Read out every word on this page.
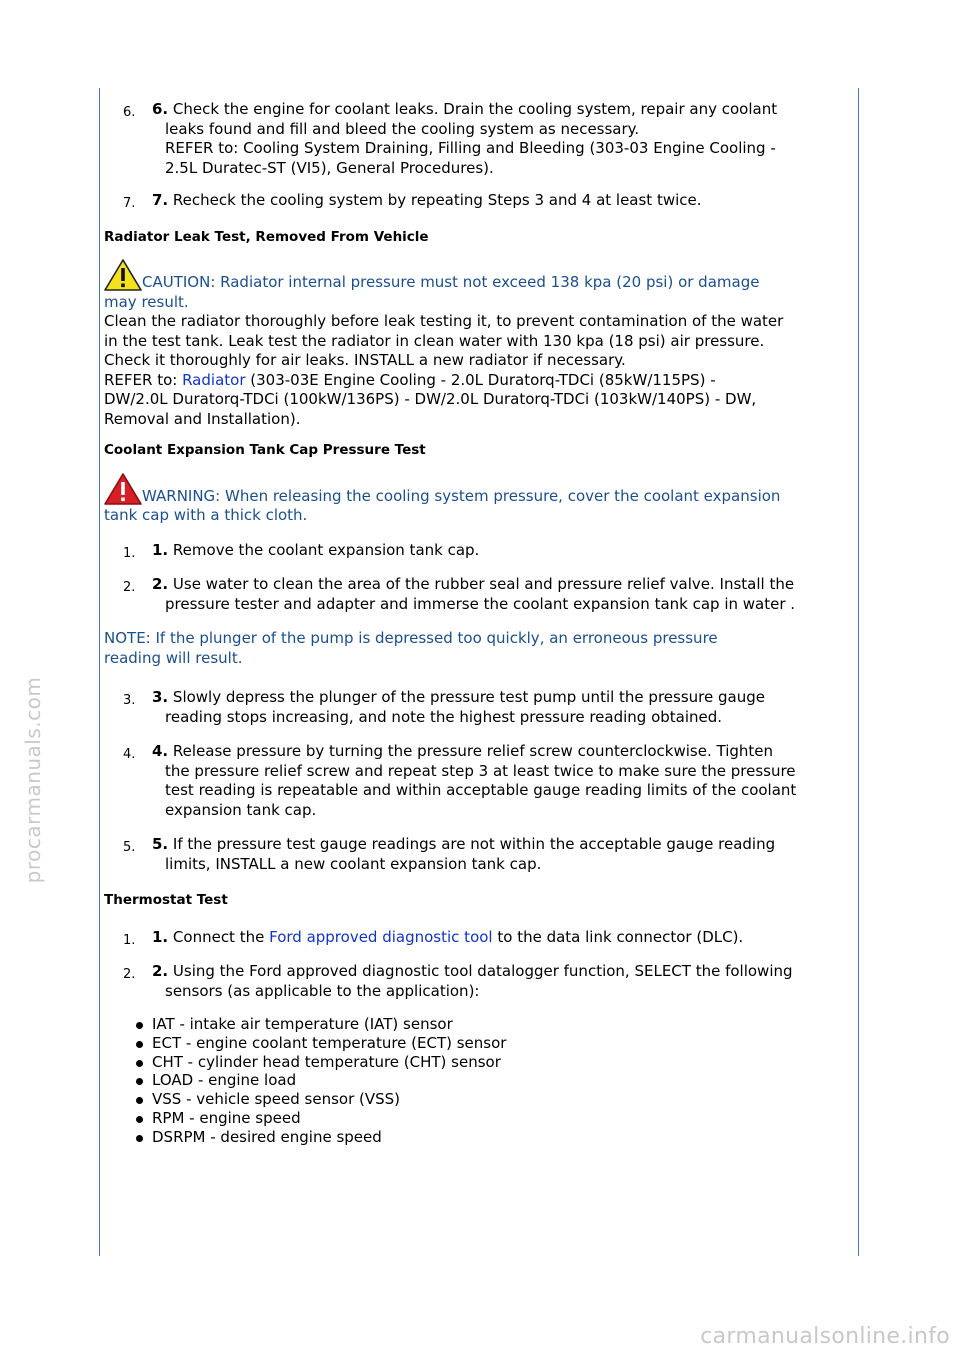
procarmanuals.com
carmanualsonline.info
6. 6. Check the engine for coolant leaks. Drain the cooling system, repair any coolant
leaks found and fill and bleed the cooling system as necessary.
REFER to: Cooling System Draining, Filling and Bleeding (303-03 Engine Cooling -
2.5L Duratec-ST (VI5), General Procedures).
7. 7. Recheck the cooling system by repeating Steps 3 and 4 at least twice.

Radiator Leak Test, Removed From Vehicle

CAUTION: Radiator internal pressure must not exceed 138 kpa (20 psi) or damage
may result.
Clean the radiator thoroughly before leak testing it, to prevent contamination of the water
in the test tank. Leak test the radiator in clean water with 130 kpa (18 psi) air pressure.
Check it thoroughly for air leaks. INSTALL a new radiator if necessary.
REFER to: Radiator (303-03E Engine Cooling - 2.0L Duratorq-TDCi (85kW/115PS) -
DW/2.0L Duratorq-TDCi (100kW/136PS) - DW/2.0L Duratorq-TDCi (103kW/140PS) - DW,
Removal and Installation).

Coolant Expansion Tank Cap Pressure Test

WARNING: When releasing the cooling system pressure, cover the coolant expansion
tank cap with a thick cloth.
1. 1. Remove the coolant expansion tank cap.
2. 2. Use water to clean the area of the rubber seal and pressure relief valve. Install the
pressure tester and adapter and immerse the coolant expansion tank cap in water .
NOTE: If the plunger of the pump is depressed too quickly, an erroneous pressure
reading will result.
3. 3. Slowly depress the plunger of the pressure test pump until the pressure gauge
reading stops increasing, and note the highest pressure reading obtained.
4. 4. Release pressure by turning the pressure relief screw counterclockwise. Tighten
the pressure relief screw and repeat step 3 at least twice to make sure the pressure
test reading is repeatable and within acceptable gauge reading limits of the coolant
expansion tank cap.
5. 5. If the pressure test gauge readings are not within the acceptable gauge reading
limits, INSTALL a new coolant expansion tank cap.

Thermostat Test

1. 1. Connect the Ford approved diagnostic tool to the data link connector (DLC).
2. 2. Using the Ford approved diagnostic tool datalogger function, SELECT the following
sensors (as applicable to the application):
IAT - intake air temperature (IAT) sensor
ECT - engine coolant temperature (ECT) sensor
CHT - cylinder head temperature (CHT) sensor
LOAD - engine load
VSS - vehicle speed sensor (VSS)
RPM - engine speed
DSRPM - desired engine speed
